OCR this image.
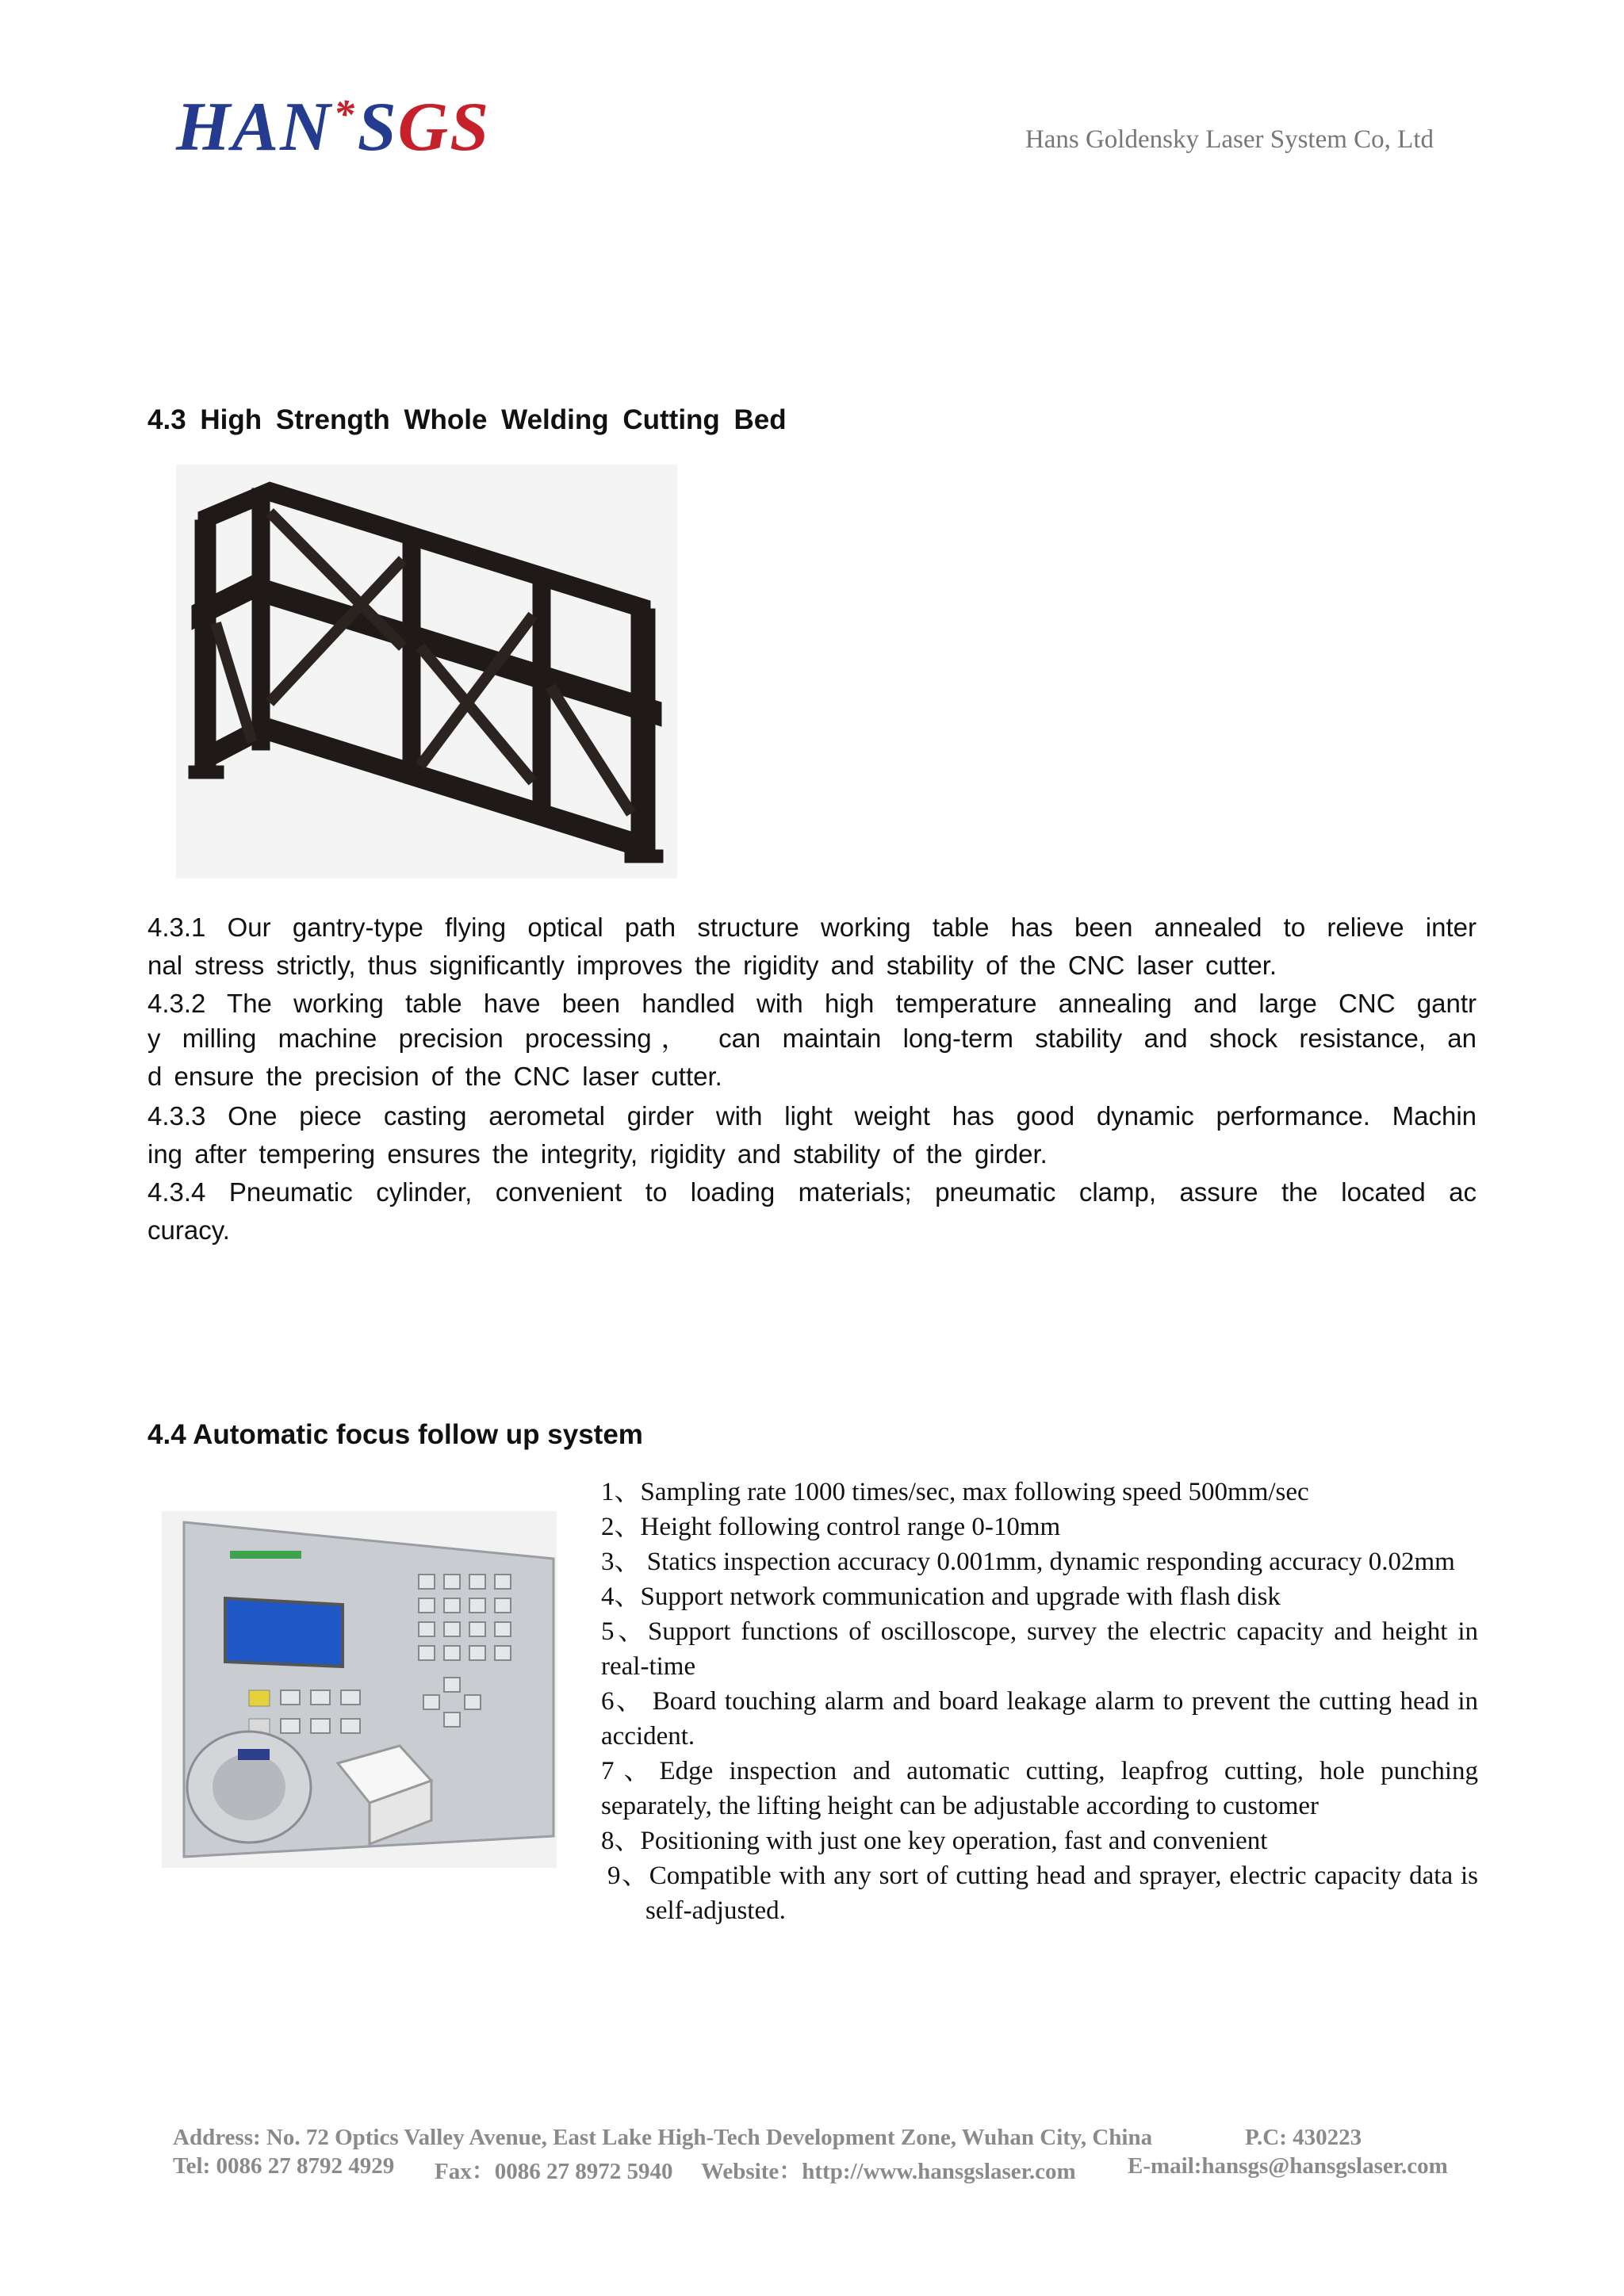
HAN*SGS	Hans Goldensky Laser System Co, Ltd
4.3 High Strength Whole Welding Cutting Bed
4.3.1 Our gantry-type flying optical path structure working table has been annealed to relieve inter
nal stress strictly, thus significantly improves the rigidity and stability of the CNC laser cutter.
4.3.2 The working table have been handled with high temperature annealing and large CNC gantr
y milling machine precision processing， can maintain long-term stability and shock resistance, an
d ensure the precision of the CNC laser cutter.
4.3.3 One piece casting aerometal girder with light weight has good dynamic performance. Machin
ing after tempering ensures the integrity, rigidity and stability of the girder.
4.3.4 Pneumatic cylinder, convenient to loading materials; pneumatic clamp, assure the located ac
curacy.
4.4 Automatic focus follow up system
1、Sampling rate 1000 times/sec, max following speed 500mm/sec
2、Height following control range 0-10mm
3、 Statics inspection accuracy 0.001mm, dynamic responding accuracy 0.02mm
4、Support network communication and upgrade with flash disk
5、Support functions of oscilloscope, survey the electric capacity and height in real-time
6、 Board touching alarm and board leakage alarm to prevent the cutting head in accident.
7、Edge inspection and automatic cutting, leapfrog cutting, hole punching separately, the lifting height can be adjustable according to customer
8、Positioning with just one key operation, fast and convenient
9、Compatible with any sort of cutting head and sprayer, electric capacity data is self-adjusted.
Address: No. 72 Optics Valley Avenue, East Lake High-Tech Development Zone, Wuhan City, China	P.C: 430223
Tel: 0086 27 8792 4929 Fax：0086 27 8972 5940 Website：http://www.hansgslaser.com E-mail:hansgs@hansgslaser.com
